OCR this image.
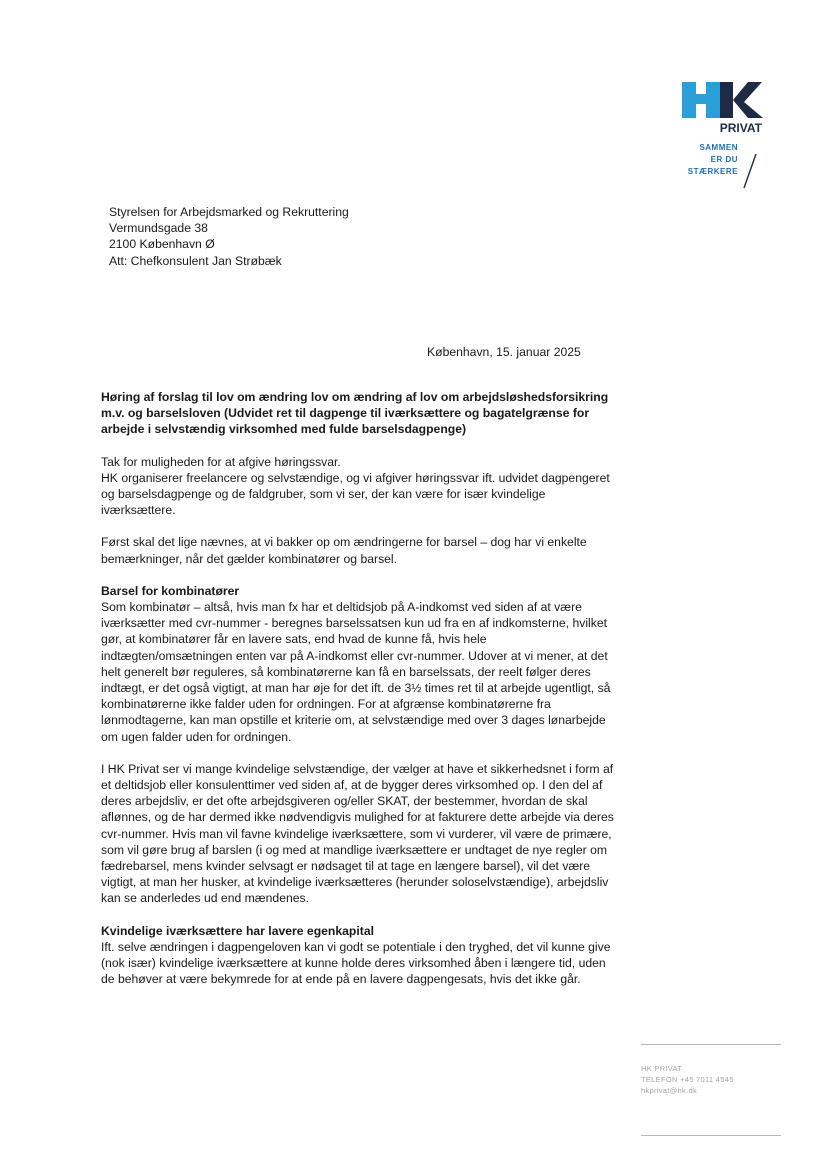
PRIVAT
SAMMEN
ER DU
STÆRKERE
Styrelsen for Arbejdsmarked og Rekruttering
Vermundsgade 38
2100 København Ø
Att: Chefkonsulent Jan Strøbæk
København, 15. januar 2025
Høring af forslag til lov om ændring lov om ændring af lov om arbejdsløshedsforsikring m.v. og barselsloven (Udvidet ret til dagpenge til iværksættere og bagatelgrænse for arbejde i selvstændig virksomhed med fulde barselsdagpenge)

Tak for muligheden for at afgive høringssvar.

HK organiserer freelancere og selvstændige, og vi afgiver høringssvar ift. udvidet dagpengeret og barselsdagpenge og de faldgruber, som vi ser, der kan være for især kvindelige iværksættere.

Først skal det lige nævnes, at vi bakker op om ændringerne for barsel – dog har vi enkelte bemærkninger, når det gælder kombinatører og barsel.

Barsel for kombinatører

Som kombinatør – altså, hvis man fx har et deltidsjob på A-indkomst ved siden af at være iværksætter med cvr-nummer - beregnes barselssatsen kun ud fra en af indkomsterne, hvilket gør, at kombinatører får en lavere sats, end hvad de kunne få, hvis hele indtægten/omsætningen enten var på A-indkomst eller cvr-nummer. Udover at vi mener, at det helt generelt bør reguleres, så kombinatørerne kan få en barselssats, der reelt følger deres indtægt, er det også vigtigt, at man har øje for det ift. de 3½ times ret til at arbejde ugentligt, så kombinatørerne ikke falder uden for ordningen. For at afgrænse kombinatørerne fra lønmodtagerne, kan man opstille et kriterie om, at selvstændige med over 3 dages lønarbejde om ugen falder uden for ordningen.

I HK Privat ser vi mange kvindelige selvstændige, der vælger at have et sikkerhedsnet i form af et deltidsjob eller konsulenttimer ved siden af, at de bygger deres virksomhed op. I den del af deres arbejdsliv, er det ofte arbejdsgiveren og/eller SKAT, der bestemmer, hvordan de skal aflønnes, og de har dermed ikke nødvendigvis mulighed for at fakturere dette arbejde via deres cvr-nummer. Hvis man vil favne kvindelige iværksættere, som vi vurderer, vil være de primære, som vil gøre brug af barslen (i og med at mandlige iværksættere er undtaget de nye regler om fædrebarsel, mens kvinder selvsagt er nødsaget til at tage en længere barsel), vil det være vigtigt, at man her husker, at kvindelige iværksætteres (herunder soloselvstændige), arbejdsliv kan se anderledes ud end mændenes.

Kvindelige iværksættere har lavere egenkapital

Ift. selve ændringen i dagpengeloven kan vi godt se potentiale i den tryghed, det vil kunne give (nok især) kvindelige iværksættere at kunne holde deres virksomhed åben i længere tid, uden de behøver at være bekymrede for at ende på en lavere dagpengesats, hvis det ikke går.

HK PRIVAT
TELEFON +45 7011 4545
hkprivat@hk.dk
